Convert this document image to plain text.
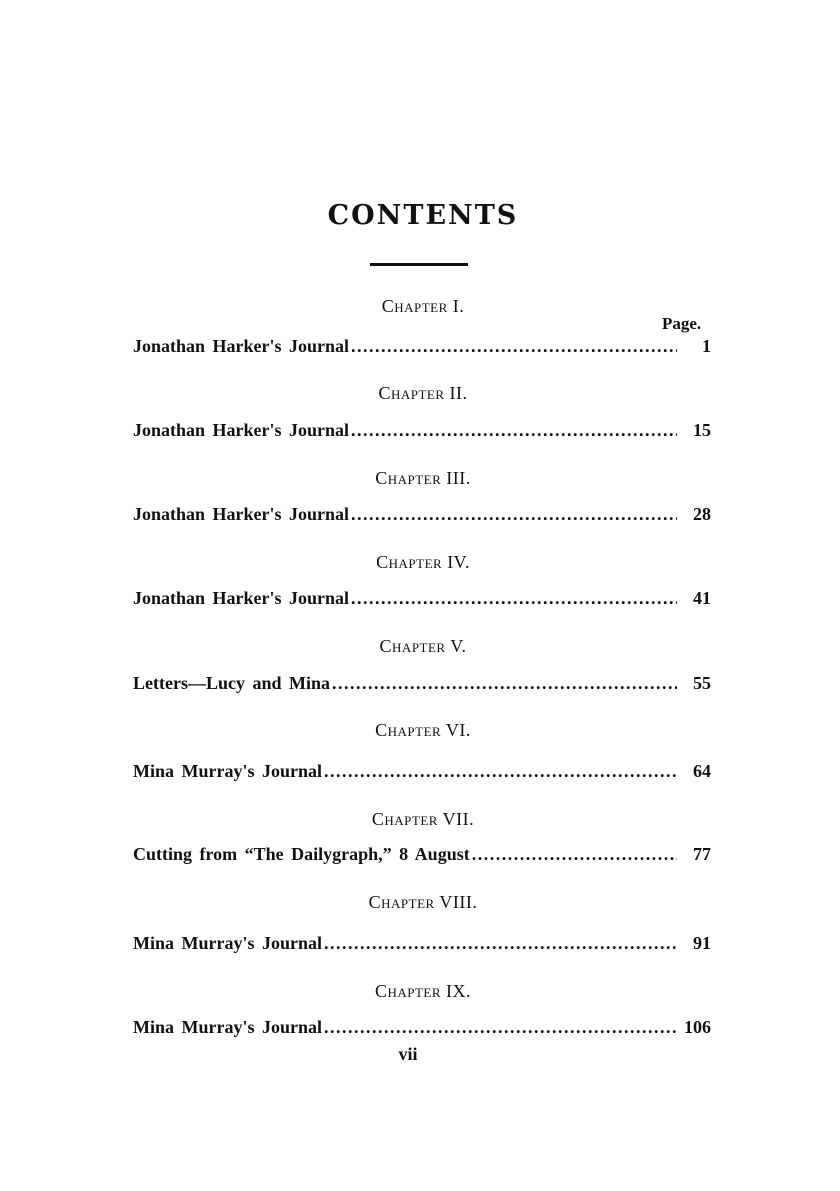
CONTENTS
Page.
Chapter I.
Jonathan Harker's Journal .....	1
Chapter II.
Jonathan Harker's Journal .....	15
Chapter III.
Jonathan Harker's Journal .....	28
Chapter IV.
Jonathan Harker's Journal .....	41
Chapter V.
Letters—Lucy and Mina .....	55
Chapter VI.
Mina Murray's Journal .....	64
Chapter VII.
Cutting from “The Dailygraph,” 8 August .....	77
Chapter VIII.
Mina Murray's Journal .....	91
Chapter IX.
Mina Murray's Journal .....	106
vii
